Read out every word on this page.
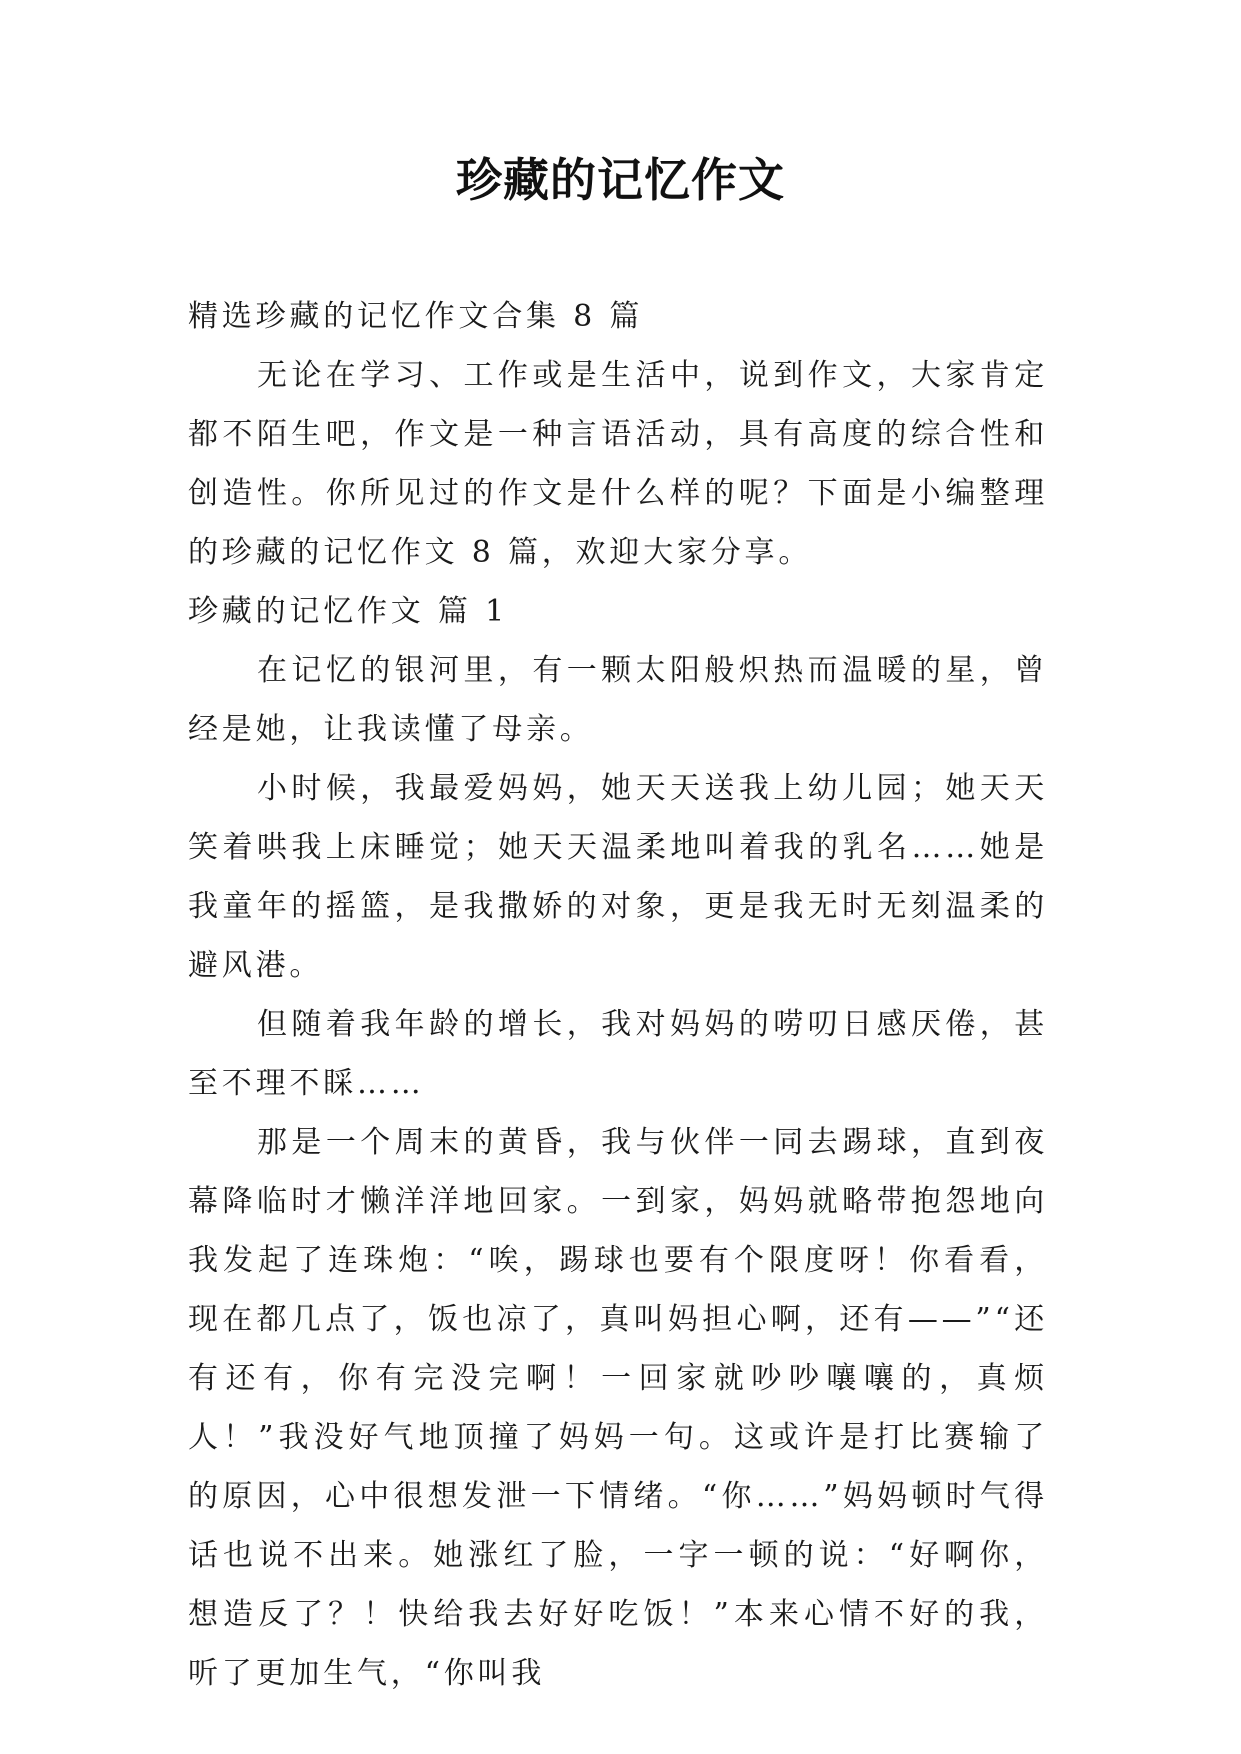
珍藏的记忆作文

精选珍藏的记忆作文合集 8 篇

无论在学习、工作或是生活中，说到作文，大家肯定都不陌生吧，作文是一种言语活动，具有高度的综合性和创造性。你所见过的作文是什么样的呢？下面是小编整理的珍藏的记忆作文 8 篇，欢迎大家分享。

珍藏的记忆作文 篇 1

在记忆的银河里，有一颗太阳般炽热而温暖的星，曾经是她，让我读懂了母亲。

小时候，我最爱妈妈，她天天送我上幼儿园；她天天笑着哄我上床睡觉；她天天温柔地叫着我的乳名……她是我童年的摇篮，是我撒娇的对象，更是我无时无刻温柔的避风港。

但随着我年龄的增长，我对妈妈的唠叨日感厌倦，甚至不理不睬……

那是一个周末的黄昏，我与伙伴一同去踢球，直到夜幕降临时才懒洋洋地回家。一到家，妈妈就略带抱怨地向我发起了连珠炮：“唉，踢球也要有个限度呀！你看看，现在都几点了，饭也凉了，真叫妈担心啊，还有——”“还有还有，你有完没完啊！一回家就吵吵嚷嚷的，真烦人！”我没好气地顶撞了妈妈一句。这或许是打比赛输了的原因，心中很想发泄一下情绪。“你……”妈妈顿时气得话也说不出来。她涨红了脸，一字一顿的说：“好啊你，想造反了？！快给我去好好吃饭！”本来心情不好的我，听了更加生气，“你叫我
